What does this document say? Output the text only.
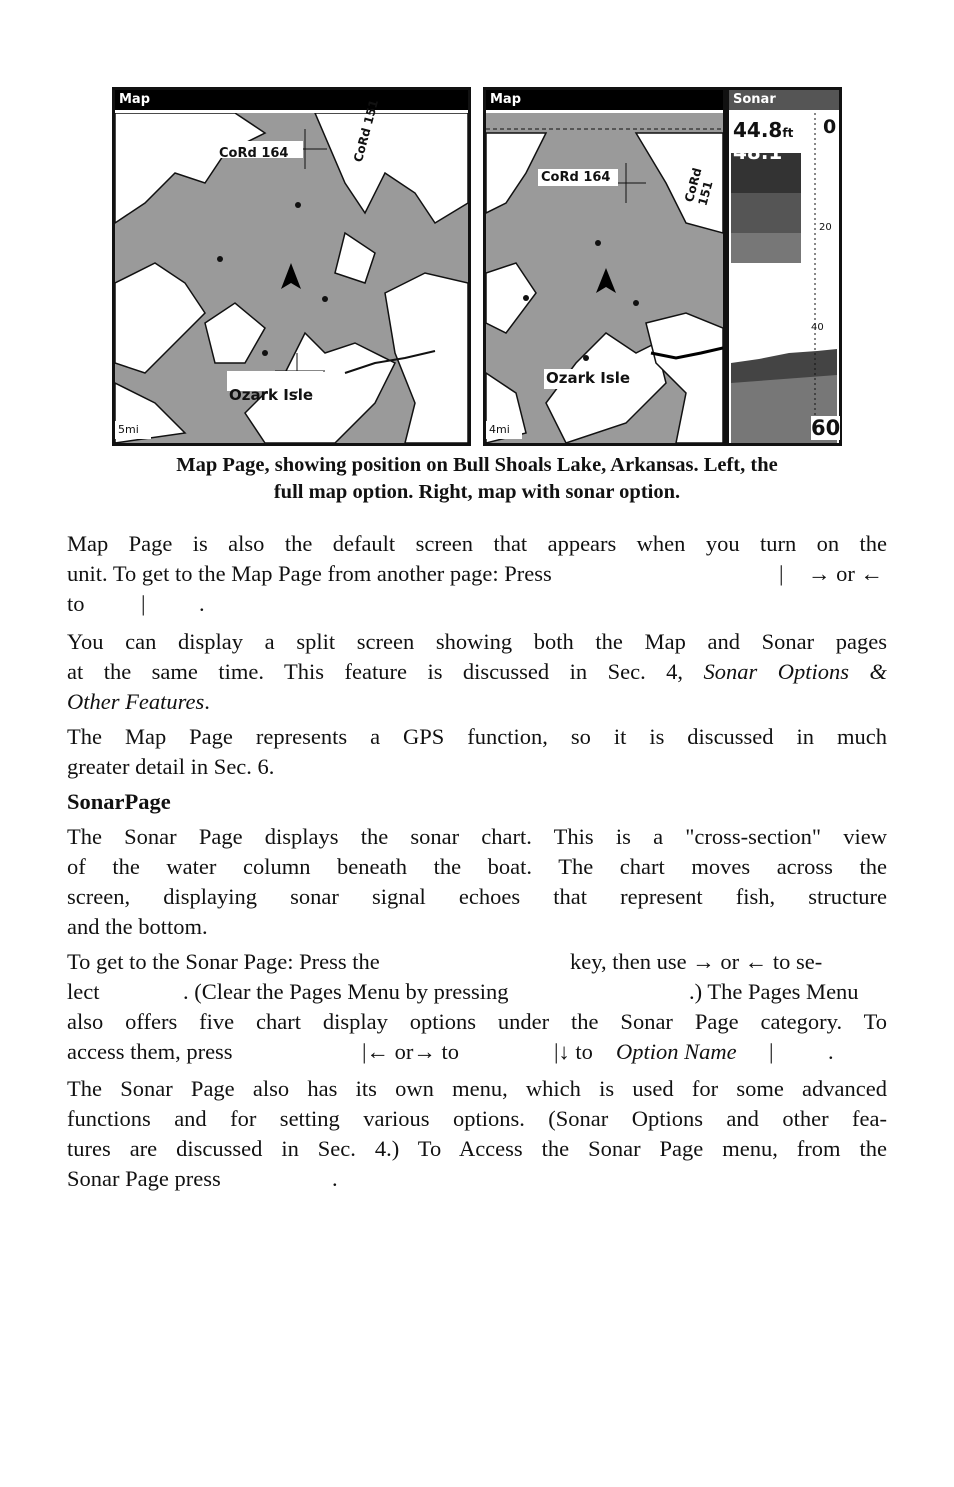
Map
CoRd 164
Ozark Isle
CoRd 151
5mi
Map
CoRd 164
Ozark Isle
CoRd 151
4mi
Sonar
44.8ft 0
48.1°
20
40
60
Map Page, showing position on Bull Shoals Lake, Arkansas. Left, the
full map option. Right, map with sonar option.
Map Page is also the default screen that appears when you turn on the
unit. To get to the Map Page from another page: Press	| → or ←
to	| .
You can display a split screen showing both the Map and Sonar pages
at the same time. This feature is discussed in Sec. 4, Sonar Options &
Other Features.
The Map Page represents a GPS function, so it is discussed in much
greater detail in Sec. 6.
SonarPage
The Sonar Page displays the sonar chart. This is a "cross-section" view
of the water column beneath the boat. The chart moves across the
screen, displaying sonar signal echoes that represent fish, structure
and the bottom.
To get to the Sonar Page: Press the	key, then use → or ← to se-
lect	. (Clear the Pages Menu by pressing	.) The Pages Menu
also offers five chart display options under the Sonar Page category. To
access them, press	|← or→ to	|↓ to Option Name | .
The Sonar Page also has its own menu, which is used for some advanced
functions and for setting various options. (Sonar Options and other fea-
tures are discussed in Sec. 4.) To Access the Sonar Page menu, from the
Sonar Page press	.
